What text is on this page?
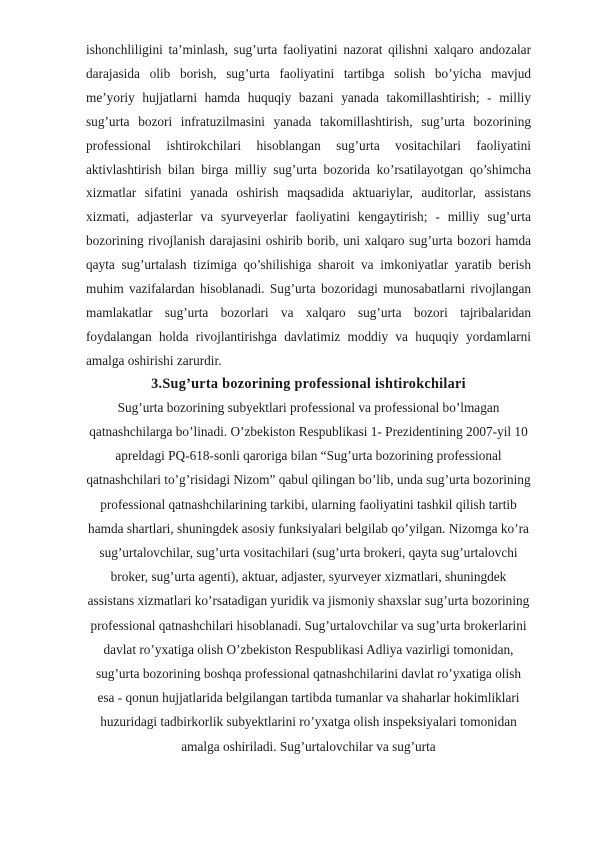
ishonchliligini ta’minlash, sug’urta faoliyatini nazorat qilishni xalqaro andozalar darajasida olib borish, sug’urta faoliyatini tartibga solish bo’yicha mavjud me’yoriy hujjatlarni hamda huquqiy bazani yanada takomillashtirish; - milliy sug’urta bozori infratuzilmasini yanada takomillashtirish, sug’urta bozorining professional ishtirokchilari hisoblangan sug’urta vositachilari faoliyatini aktivlashtirish bilan birga milliy sug’urta bozorida ko’rsatilayotgan qo’shimcha xizmatlar sifatini yanada oshirish maqsadida aktuariylar, auditorlar, assistans xizmati, adjasterlar va syurveyerlar faoliyatini kengaytirish; - milliy sug’urta bozorining rivojlanish darajasini oshirib borib, uni xalqaro sug’urta bozori hamda qayta sug’urtalash tizimiga qo’shilishiga sharoit va imkoniyatlar yaratib berish muhim vazifalardan hisoblanadi. Sug’urta bozoridagi munosabatlarni rivojlangan mamlakatlar sug’urta bozorlari va xalqaro sug’urta bozori tajribalaridan foydalangan holda rivojlantirishga davlatimiz moddiy va huquqiy yordamlarni amalga oshirishi zarurdir.

3.Sug’urta bozorining professional ishtirokchilari

Sug’urta bozorining subyektlari professional va professional bo’lmagan qatnashchilarga bo’linadi. O’zbekiston Respublikasi 1- Prezidentining 2007-yil 10 apreldagi PQ-618-sonli qaroriga bilan “Sug’urta bozorining professional qatnashchilari to’g’risidagi Nizom” qabul qilingan bo’lib, unda sug’urta bozorining professional qatnashchilarining tarkibi, ularning faoliyatini tashkil qilish tartib hamda shartlari, shuningdek asosiy funksiyalari belgilab qo’yilgan. Nizomga ko’ra sug’urtalovchilar, sug’urta vositachilari (sug’urta brokeri, qayta sug’urtalovchi broker, sug’urta agenti), aktuar, adjaster, syurveyer xizmatlari, shuningdek assistans xizmatlari ko’rsatadigan yuridik va jismoniy shaxslar sug’urta bozorining professional qatnashchilari hisoblanadi. Sug’urtalovchilar va sug’urta brokerlarini davlat ro’yxatiga olish O’zbekiston Respublikasi Adliya vazirligi tomonidan, sug’urta bozorining boshqa professional qatnashchilarini davlat ro’yxatiga olish esa - qonun hujjatlarida belgilangan tartibda tumanlar va shaharlar hokimliklari huzuridagi tadbirkorlik subyektlarini ro’yxatga olish inspeksiyalari tomonidan amalga oshiriladi. Sug’urtalovchilar va sug’urta
